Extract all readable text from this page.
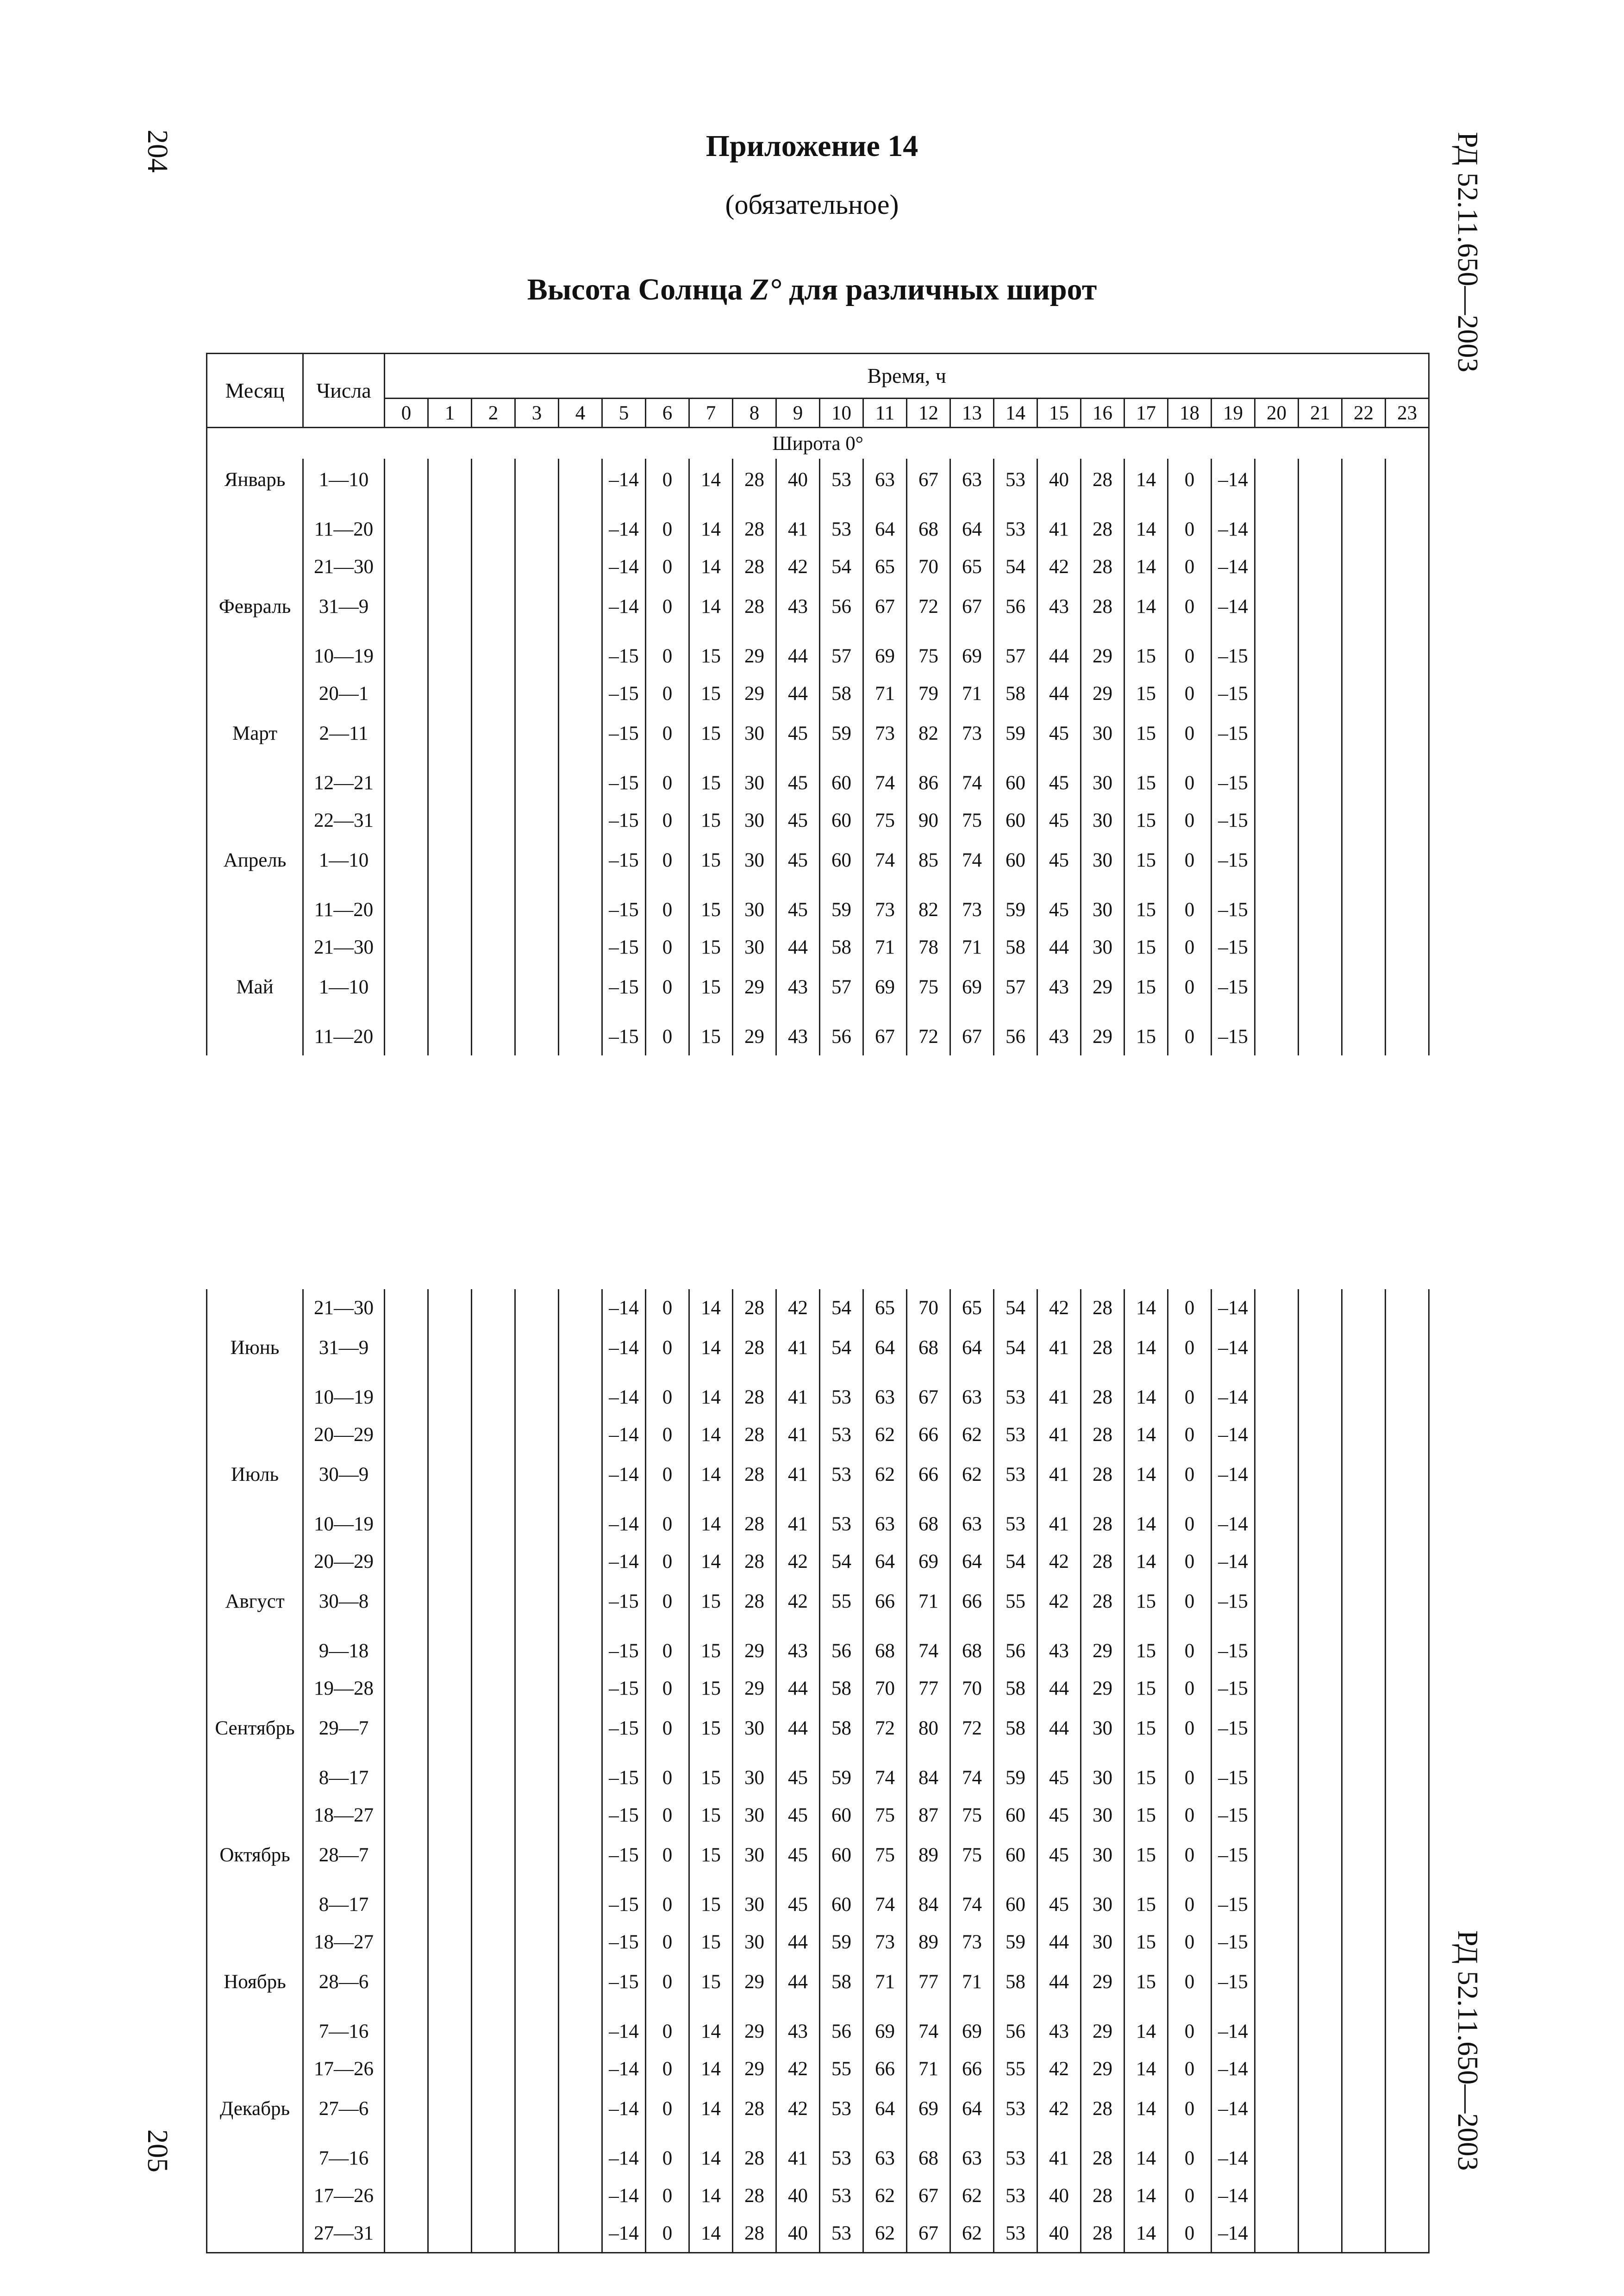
204
205
РД 52.11.650—2003
РД 52.11.650—2003
Приложение 14

(обязательное)

Высота Солнца Z° для различных широт
Месяц	Числа	Время, ч																							
		0	1	2	3	4	5	6	7	8	9	10	11	12	13	14	15	16	17	18	19	20	21	22	23
Широта 0°																									
Январь	1—10						–14	0	14	28	40	53	63	67	63	53	40	28	14	0	–14				
	11—20						–14	0	14	28	41	53	64	68	64	53	41	28	14	0	–14				
	21—30						–14	0	14	28	42	54	65	70	65	54	42	28	14	0	–14				
Февраль	31—9						–14	0	14	28	43	56	67	72	67	56	43	28	14	0	–14				
	10—19						–15	0	15	29	44	57	69	75	69	57	44	29	15	0	–15				
	20—1						–15	0	15	29	44	58	71	79	71	58	44	29	15	0	–15				
Март	2—11						–15	0	15	30	45	59	73	82	73	59	45	30	15	0	–15				
	12—21						–15	0	15	30	45	60	74	86	74	60	45	30	15	0	–15				
	22—31						–15	0	15	30	45	60	75	90	75	60	45	30	15	0	–15				
Апрель	1—10						–15	0	15	30	45	60	74	85	74	60	45	30	15	0	–15				
	11—20						–15	0	15	30	45	59	73	82	73	59	45	30	15	0	–15				
	21—30						–15	0	15	30	44	58	71	78	71	58	44	30	15	0	–15				
Май	1—10						–15	0	15	29	43	57	69	75	69	57	43	29	15	0	–15				
	11—20						–15	0	15	29	43	56	67	72	67	56	43	29	15	0	–15				
	21—30						–14	0	14	28	42	54	65	70	65	54	42	28	14	0	–14				
Июнь	31—9						–14	0	14	28	41	54	64	68	64	54	41	28	14	0	–14				
	10—19						–14	0	14	28	41	53	63	67	63	53	41	28	14	0	–14				
	20—29						–14	0	14	28	41	53	62	66	62	53	41	28	14	0	–14				
Июль	30—9						–14	0	14	28	41	53	62	66	62	53	41	28	14	0	–14				
	10—19						–14	0	14	28	41	53	63	68	63	53	41	28	14	0	–14				
	20—29						–14	0	14	28	42	54	64	69	64	54	42	28	14	0	–14				
Август	30—8						–15	0	15	28	42	55	66	71	66	55	42	28	15	0	–15				
	9—18						–15	0	15	29	43	56	68	74	68	56	43	29	15	0	–15				
	19—28						–15	0	15	29	44	58	70	77	70	58	44	29	15	0	–15				
Сентябрь	29—7						–15	0	15	30	44	58	72	80	72	58	44	30	15	0	–15				
	8—17						–15	0	15	30	45	59	74	84	74	59	45	30	15	0	–15				
	18—27						–15	0	15	30	45	60	75	87	75	60	45	30	15	0	–15				
Октябрь	28—7						–15	0	15	30	45	60	75	89	75	60	45	30	15	0	–15				
	8—17						–15	0	15	30	45	60	74	84	74	60	45	30	15	0	–15				
	18—27						–15	0	15	30	44	59	73	89	73	59	44	30	15	0	–15				
Ноябрь	28—6						–15	0	15	29	44	58	71	77	71	58	44	29	15	0	–15				
	7—16						–14	0	14	29	43	56	69	74	69	56	43	29	14	0	–14				
	17—26						–14	0	14	29	42	55	66	71	66	55	42	29	14	0	–14				
Декабрь	27—6						–14	0	14	28	42	53	64	69	64	53	42	28	14	0	–14				
	7—16						–14	0	14	28	41	53	63	68	63	53	41	28	14	0	–14				
	17—26						–14	0	14	28	40	53	62	67	62	53	40	28	14	0	–14				
	27—31						–14	0	14	28	40	53	62	67	62	53	40	28	14	0	–14				
